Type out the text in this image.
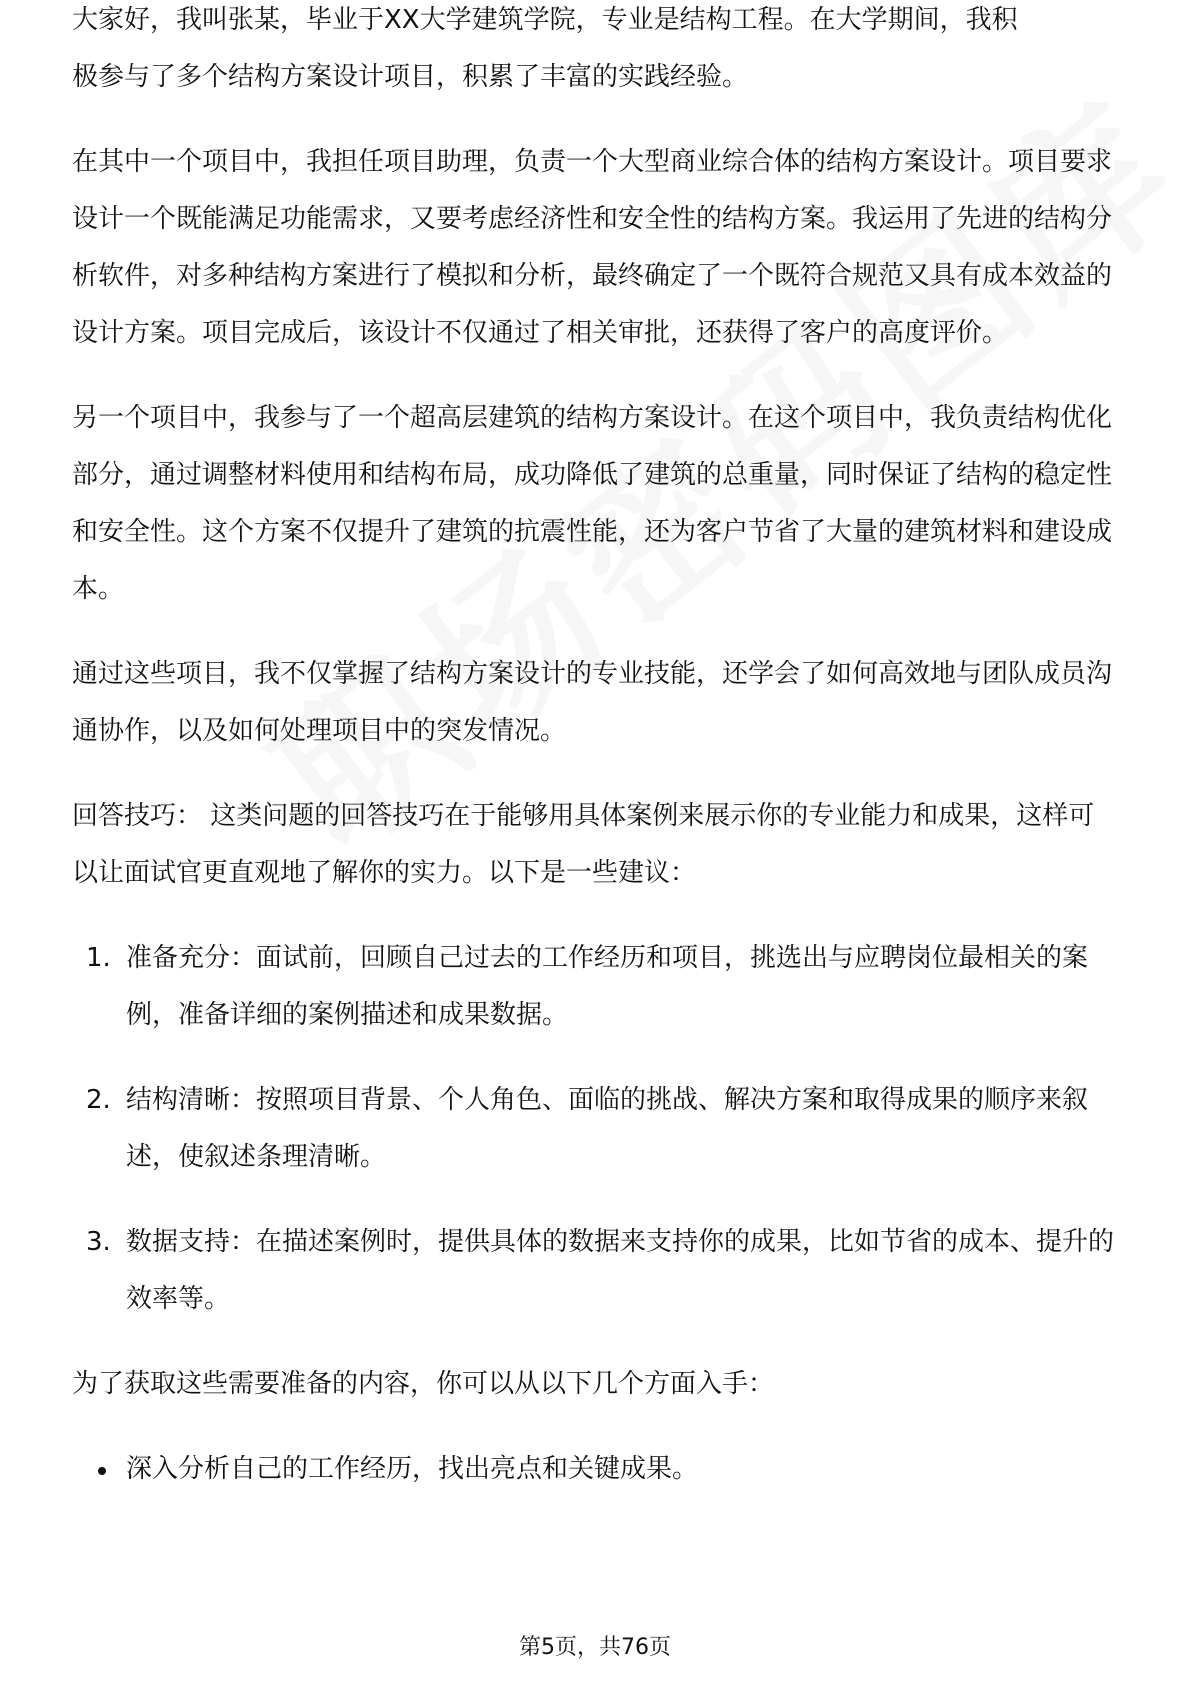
大家好，我叫张某，毕业于XX大学建筑学院，专业是结构工程。在大学期间，我积

极参与了多个结构方案设计项目，积累了丰富的实践经验。

在其中一个项目中，我担任项目助理，负责一个大型商业综合体的结构方案设计。项目要求设计一个既能满足功能需求，又要考虑经济性和安全性的结构方案。我运用了先进的结构分析软件，对多种结构方案进行了模拟和分析，最终确定了一个既符合规范又具有成本效益的设计方案。项目完成后，该设计不仅通过了相关审批，还获得了客户的高度评价。

另一个项目中，我参与了一个超高层建筑的结构方案设计。在这个项目中，我负责结构优化部分，通过调整材料使用和结构布局，成功降低了建筑的总重量，同时保证了结构的稳定性和安全性。这个方案不仅提升了建筑的抗震性能，还为客户节省了大量的建筑材料和建设成本。

通过这些项目，我不仅掌握了结构方案设计的专业技能，还学会了如何高效地与团队成员沟通协作，以及如何处理项目中的突发情况。

回答技巧： 这类问题的回答技巧在于能够用具体案例来展示你的专业能力和成果，这样可以让面试官更直观地了解你的实力。以下是一些建议：

1. 准备充分：面试前，回顾自己过去的工作经历和项目，挑选出与应聘岗位最相关的案例，准备详细的案例描述和成果数据。
2. 结构清晰：按照项目背景、个人角色、面临的挑战、解决方案和取得成果的顺序来叙述，使叙述条理清晰。
3. 数据支持：在描述案例时，提供具体的数据来支持你的成果，比如节省的成本、提升的效率等。

为了获取这些需要准备的内容，你可以从以下几个方面入手：

深入分析自己的工作经历，找出亮点和关键成果。
第5页，共76页
